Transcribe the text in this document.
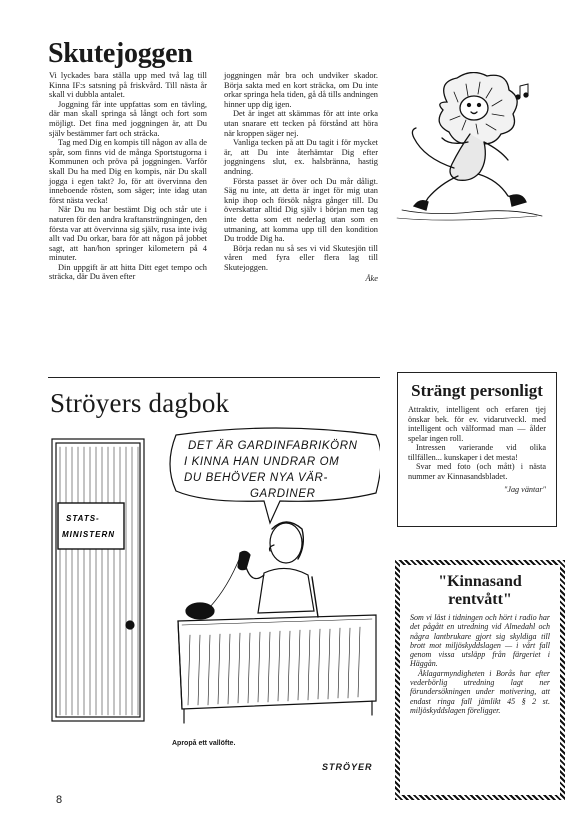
Skutejoggen

Vi lyckades bara ställa upp med två lag till Kinna IF:s satsning på friskvård. Till nästa år skall vi dubbla antalet.

Joggning får inte uppfattas som en tävling, där man skall springa så långt och fort som möjligt. Det fina med joggningen är, att Du själv bestämmer fart och sträcka.

Tag med Dig en kompis till någon av alla de spår, som finns vid de många Sportstugorna i Kommunen och pröva på joggningen. Varför skall Du ha med Dig en kompis, när Du skall jogga i egen takt? Jo, för att övervinna den inneboende rösten, som säger; inte idag utan först nästa vecka!

När Du nu har bestämt Dig och står ute i naturen för den andra kraftansträngningen, den första var att övervinna sig själv, rusa inte iväg allt vad Du orkar, bara för att någon på jobbet sagt, att han/hon springer kilometern på 4 minuter.

Din uppgift är att hitta Ditt eget tempo och sträcka, där Du även efter

joggningen mår bra och undviker skador. Börja sakta med en kort sträcka, om Du inte orkar springa hela tiden, gå då tills andningen hinner upp dig igen.

Det är inget att skämmas för att inte orka utan snarare ett tecken på förstånd att höra när kroppen säger nej.

Vanliga tecken på att Du tagit i för mycket är, att Du inte återhämtar Dig efter joggningens slut, ex. halsbränna, hastig andning.

Första passet är över och Du mår dåligt. Säg nu inte, att detta är inget för mig utan knip ihop och försök några gånger till. Du överskattar alltid Dig själv i början men tag inte detta som ett nederlag utan som en utmaning, att komma upp till den kondition Du trodde Dig ha.

Börja redan nu så ses vi vid Skutesjön till våren med fyra eller flera lag till Skutejoggen.

Åke

Ströyers dagbok
STATS-
MINISTERN
DET ÄR GARDINFABRIKÖRN
I KINNA HAN UNDRAR OM
DU BEHÖVER NYA VÄR-
GARDINER
Apropå ett vallöfte.
STRÖYER
Strängt personligt

Attraktiv, intelligent och erfaren tjej önskar bek. för ev. vidarutveckl. med intelligent och välformad man — ålder spelar ingen roll.

Intressen varierande vid olika tillfällen... kunskaper i det mesta!

Svar med foto (och mått) i nästa nummer av Kinnasandsbladet.

"Jag väntar"

"Kinnasand rentvått"

Som vi läst i tidningen och hört i radio har det pågått en utredning vid Almedahl och några lantbrukare gjort sig skyldiga till brott mot miljöskyddslagen — i vårt fall genom vissa utsläpp från färgeriet i Häggån.

Åklagarmyndigheten i Borås har efter vederbörlig utredning lagt ner förundersökningen under motivering, att endast ringa fall jämlikt 45 § 2 st. miljöskyddslagen föreligger.

8
